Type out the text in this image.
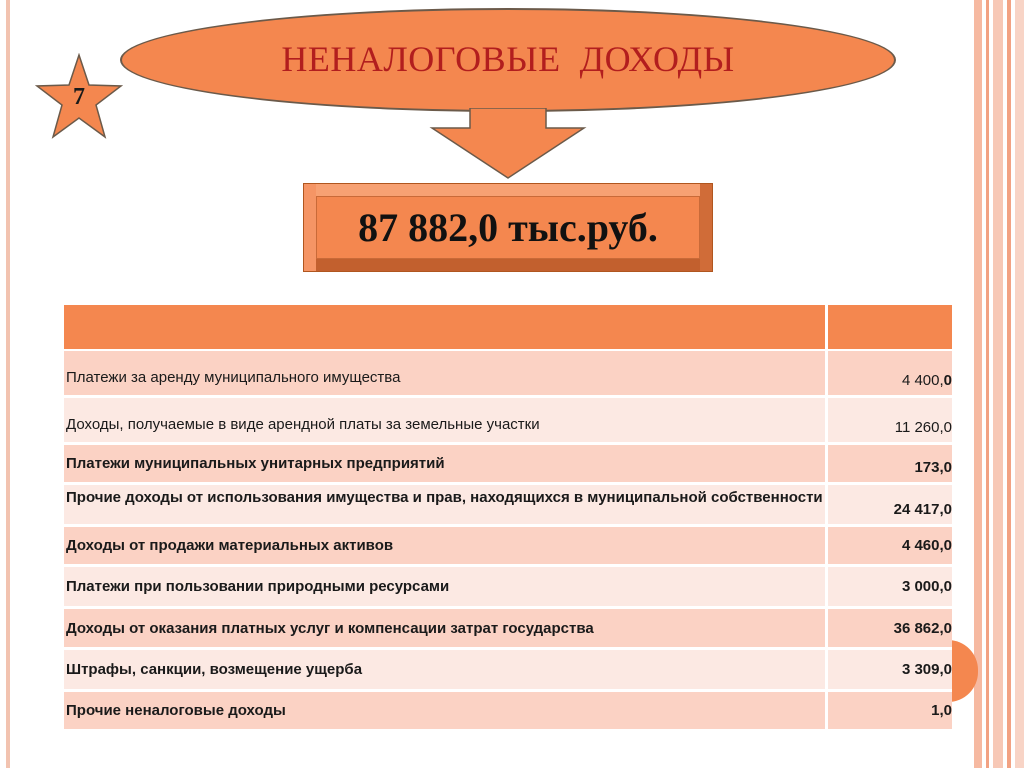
НЕНАЛОГОВЫЕ  ДОХОДЫ
7
87 882,0 тыс.руб.

Платежи за аренду муниципального имущества	4 400,0
Доходы, получаемые в виде арендной платы за земельные участки	11 260,0
Платежи муниципальных унитарных предприятий	173,0
Прочие доходы от использования имущества и прав, находящихся в муниципальной собственности	24 417,0
Доходы от продажи материальных активов	4 460,0
Платежи при пользовании природными ресурсами	3 000,0
Доходы от оказания платных услуг и компенсации затрат государства	36 862,0
Штрафы, санкции, возмещение ущерба	3 309,0
Прочие неналоговые доходы	1,0
